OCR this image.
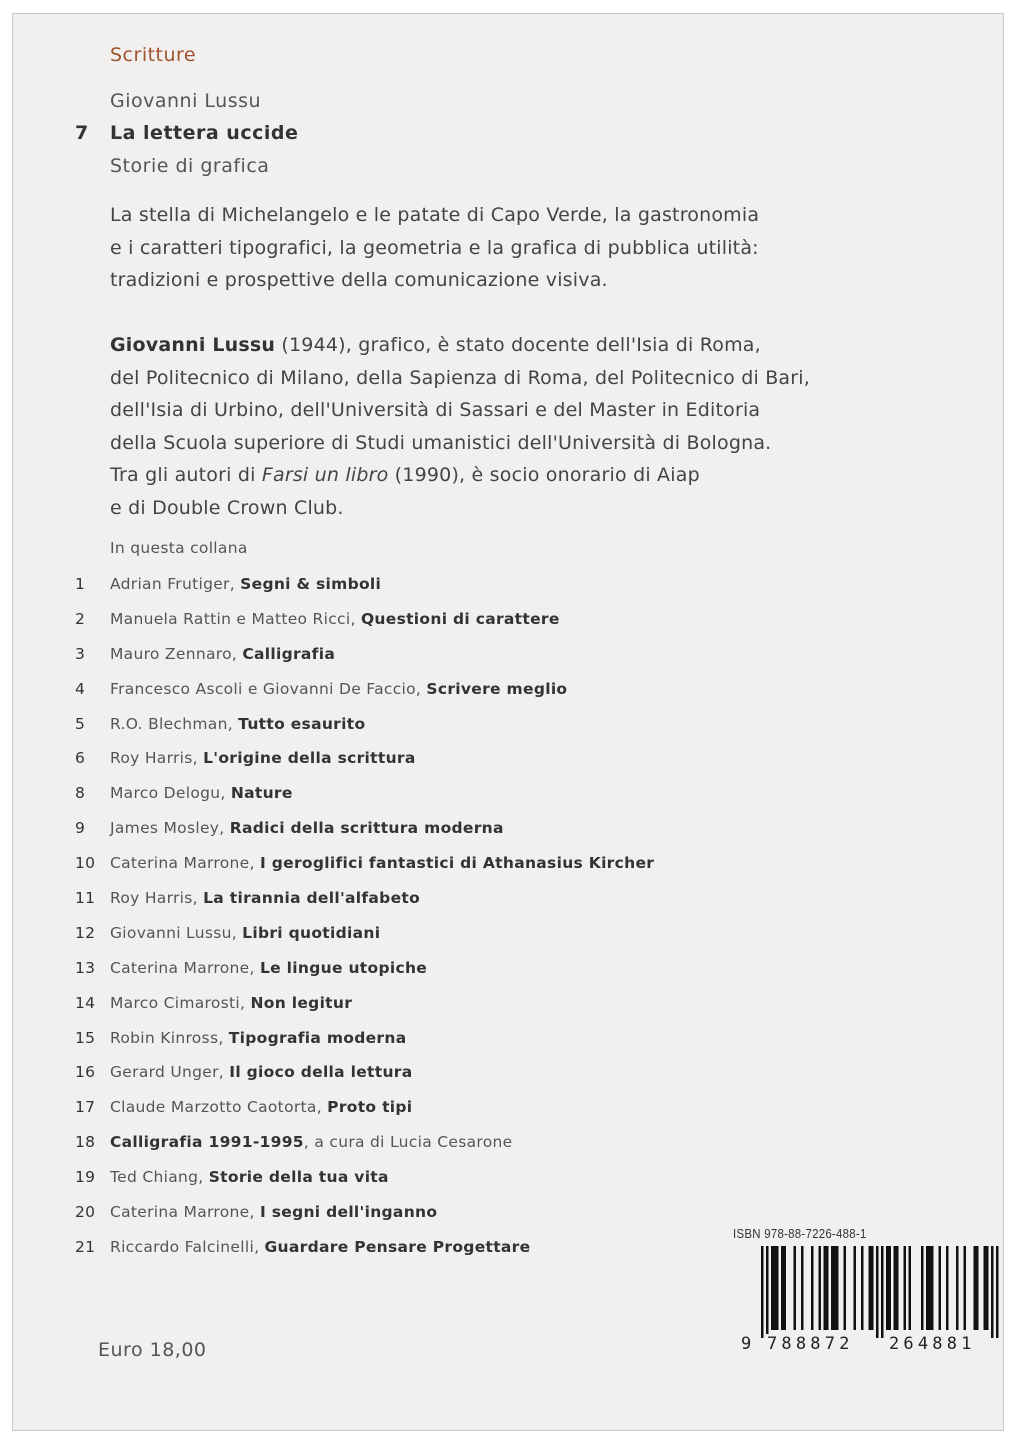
Scritture
Giovanni Lussu
7 La lettera uccide
Storie di grafica
La stella di Michelangelo e le patate di Capo Verde, la gastronomia
e i caratteri tipografici, la geometria e la grafica di pubblica utilità:
tradizioni e prospettive della comunicazione visiva.
Giovanni Lussu (1944), grafico, è stato docente dell'Isia di Roma,
del Politecnico di Milano, della Sapienza di Roma, del Politecnico di Bari,
dell'Isia di Urbino, dell'Università di Sassari e del Master in Editoria
della Scuola superiore di Studi umanistici dell'Università di Bologna.
Tra gli autori di Farsi un libro (1990), è socio onorario di Aiap
e di Double Crown Club.
In questa collana
1	Adrian Frutiger, Segni & simboli
2	Manuela Rattin e Matteo Ricci, Questioni di carattere
3	Mauro Zennaro, Calligrafia
4	Francesco Ascoli e Giovanni De Faccio, Scrivere meglio
5	R.O. Blechman, Tutto esaurito
6	Roy Harris, L'origine della scrittura
8	Marco Delogu, Nature
9	James Mosley, Radici della scrittura moderna
10 Caterina Marrone, I geroglifici fantastici di Athanasius Kircher
11 Roy Harris, La tirannia dell'alfabeto
12 Giovanni Lussu, Libri quotidiani
13 Caterina Marrone, Le lingue utopiche
14 Marco Cimarosti, Non legitur
15 Robin Kinross, Tipografia moderna
16 Gerard Unger, Il gioco della lettura
17 Claude Marzotto Caotorta, Proto tipi
18 Calligrafia 1991-1995, a cura di Lucia Cesarone
19 Ted Chiang, Storie della tua vita
20 Caterina Marrone, I segni dell'inganno
21 Riccardo Falcinelli, Guardare Pensare Progettare
Euro 18,00
ISBN 978-88-7226-488-1
9 788872 264881
